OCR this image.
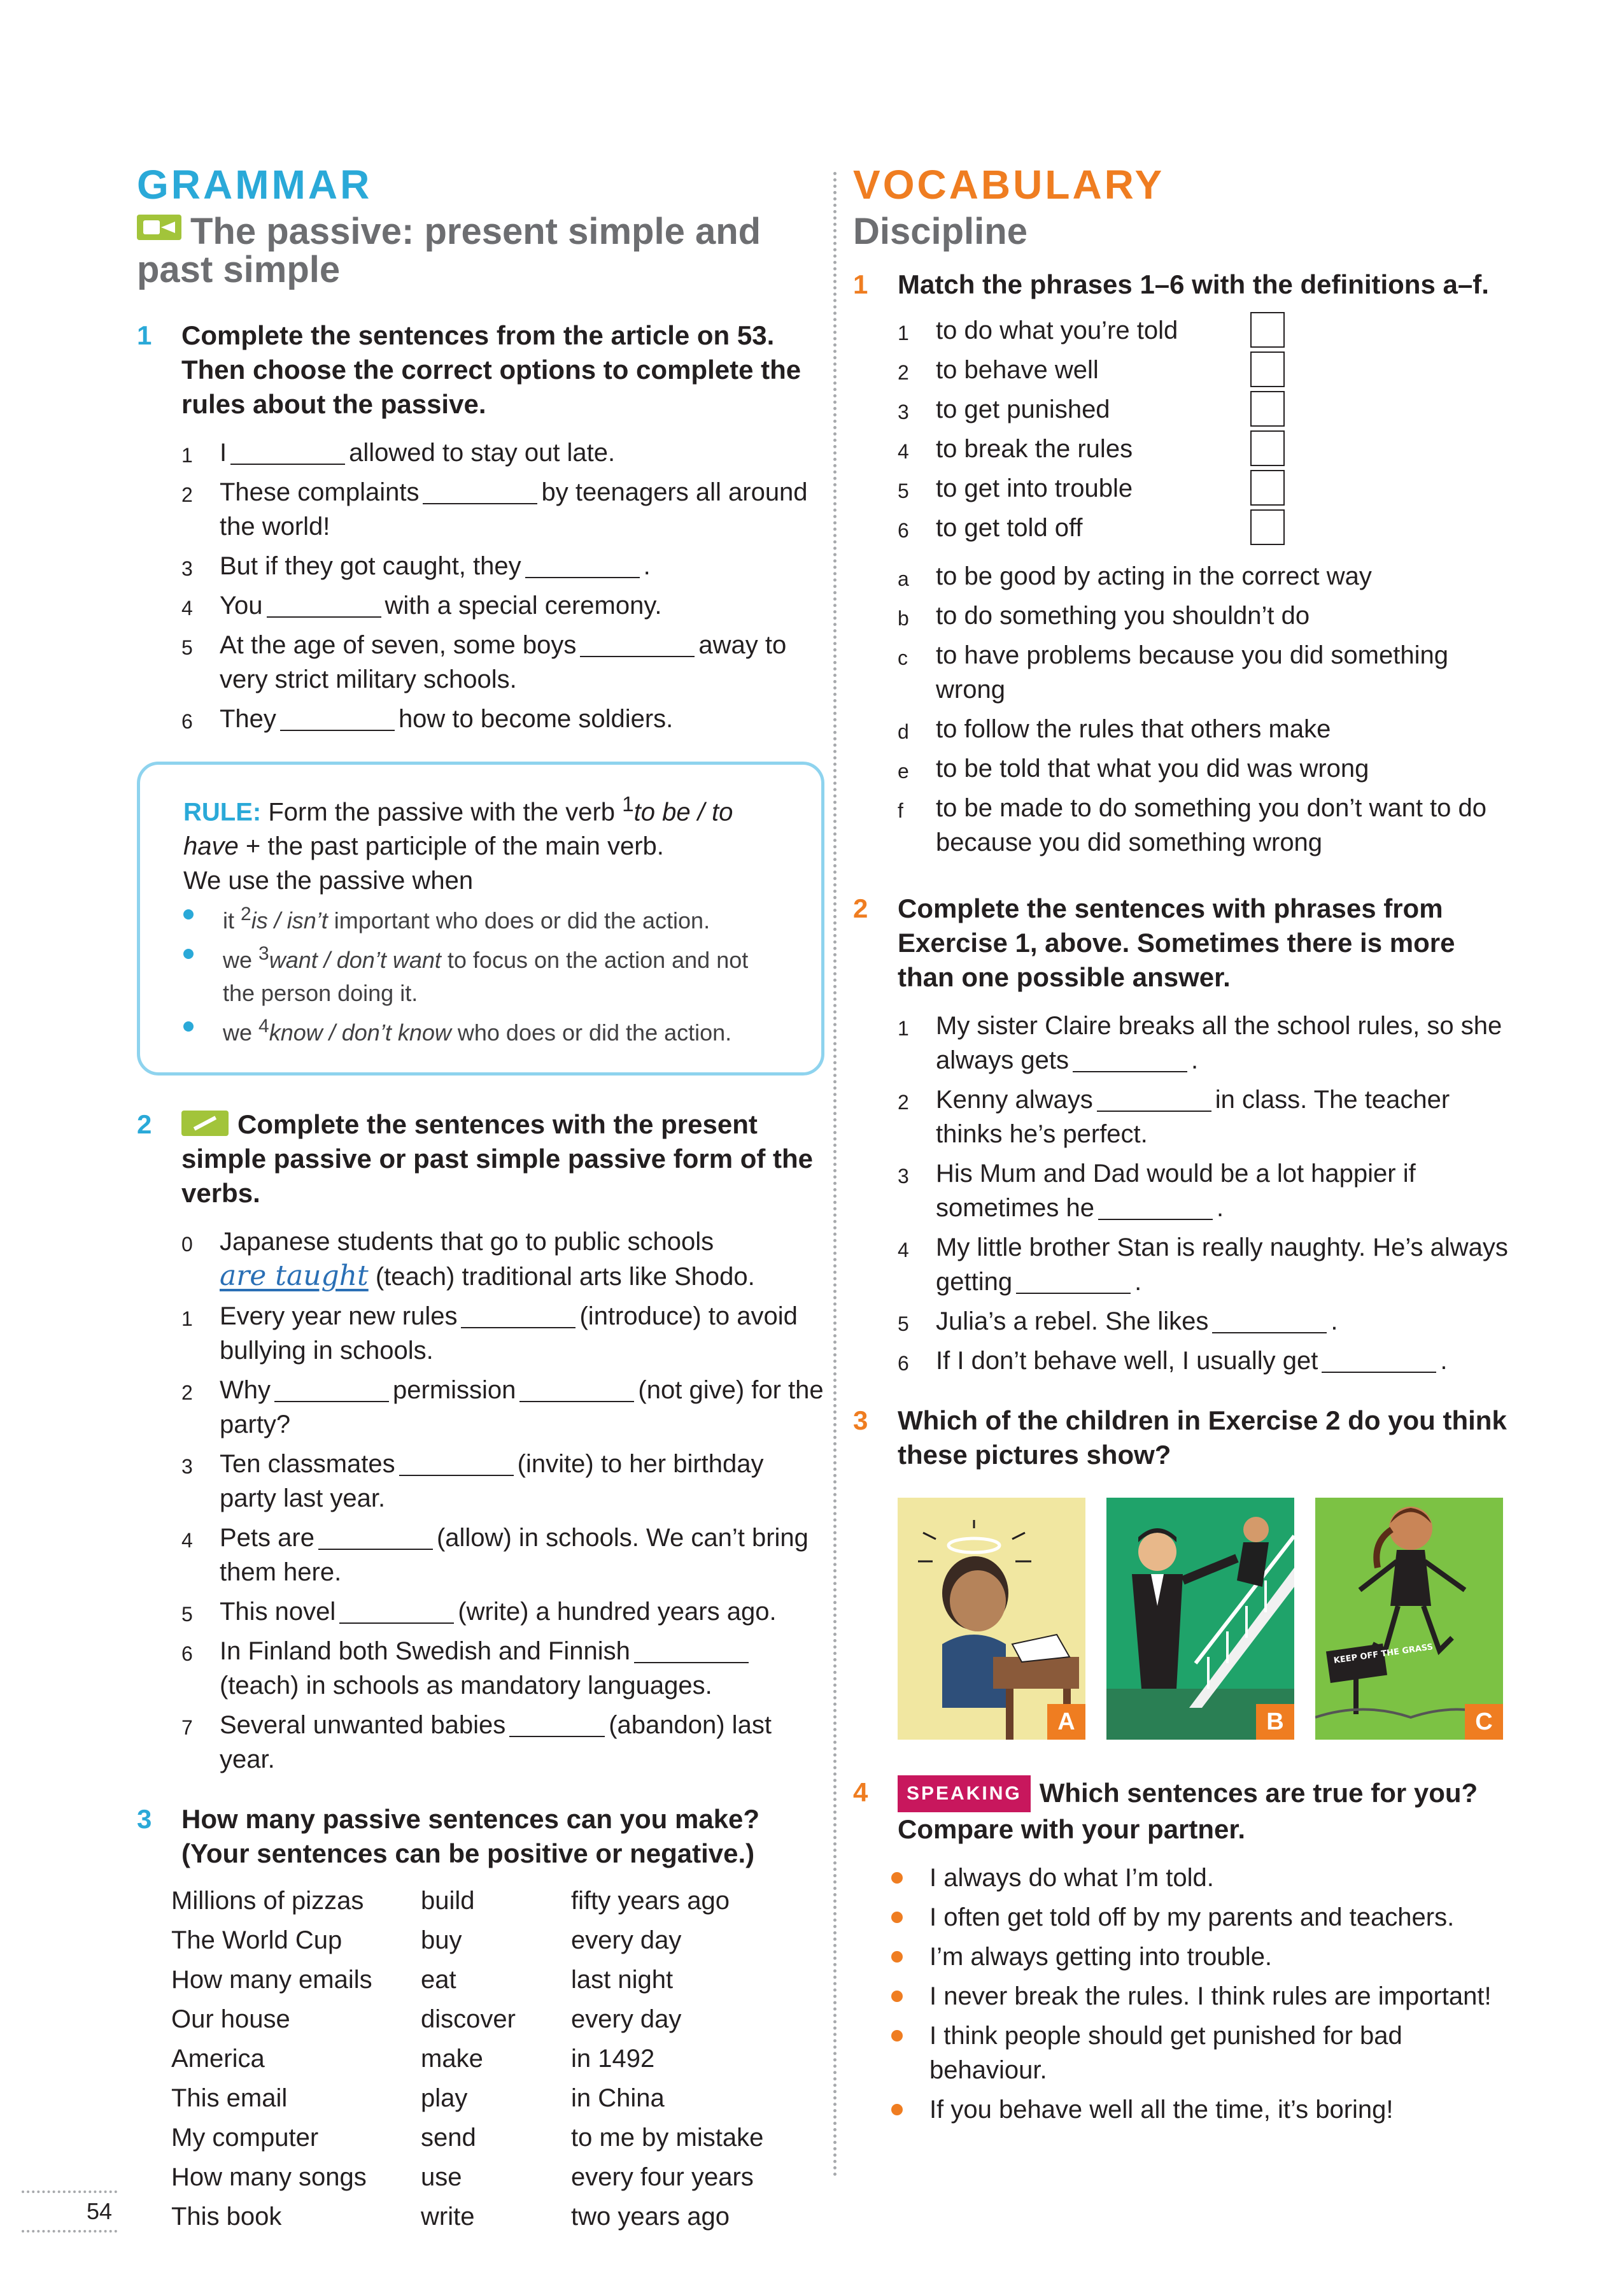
GRAMMAR
The passive: present simple and past simple
1 Complete the sentences from the article on 53. Then choose the correct options to complete the rules about the passive.
1 I	allowed to stay out late.
2 These complaints	by teenagers all around the world!
3 But if they got caught, they	.
4 You	with a special ceremony.
5 At the age of seven, some boys	away to very strict military schools.
6 They	how to become soldiers.
RULE: Form the passive with the verb $^1$to be / to have + the past participle of the main verb.
We use the passive when
it $^2$is / isn’t important who does or did the action.
we $^3$want / don’t want to focus on the action and not the person doing it.
we $^4$know / don’t know who does or did the action.
2	Complete the sentences with the present simple passive or past simple passive form of the verbs.
0 Japanese students that go to public schools
are taught (teach) traditional arts like Shodo.
1 Every year new rules	(introduce) to avoid bullying in schools.
2 Why	permission	(not give) for the party?
3 Ten classmates	(invite) to her birthday party last year.
4 Pets are	(allow) in schools. We can’t bring them here.
5 This novel	(write) a hundred years ago.
6 In Finland both Swedish and Finnish(teach) in schools as mandatory languages.
7 Several unwanted babies	(abandon) last year.
3 How many passive sentences can you make? (Your sentences can be positive or negative.)
Millions of pizzas	build	fifty years ago
The World Cup	buy	every day
How many emails	eat	last night
Our house	discover	every day
America	make	in 1492
This email	play	in China
My computer	send	to me by mistake
How many songs	use	every four years
This book	write	two years ago
VOCABULARY
Discipline
1 Match the phrases 1–6 with the definitions a–f.
1 to do what you’re told
2 to behave well
3 to get punished
4 to break the rules
5 to get into trouble
6 to get told off
a to be good by acting in the correct way
b to do something you shouldn’t do
c to have problems because you did something wrong
d to follow the rules that others make
e to be told that what you did was wrong
f to be made to do something you don’t want to do because you did something wrong
2 Complete the sentences with phrases from Exercise 1, above. Sometimes there is more than one possible answer.
1 My sister Claire breaks all the school rules, so she always gets	.
2 Kenny always	in class. The teacher thinks he’s perfect.
3 His Mum and Dad would be a lot happier if sometimes he	.
4 My little brother Stan is really naughty. He’s always getting	.
5 Julia’s a rebel. She likes	.
6 If I don’t behave well, I usually get	.
3 Which of the children in Exercise 2 do you think these pictures show?
A	B
KEEP OFF THE GRASS
C
4	SPEAKING Which sentences are true for you? Compare with your partner.
I always do what I’m told.
I often get told off by my parents and teachers.
I’m always getting into trouble.
I never break the rules. I think rules are important!
I think people should get punished for bad behaviour.
If you behave well all the time, it’s boring!
54
